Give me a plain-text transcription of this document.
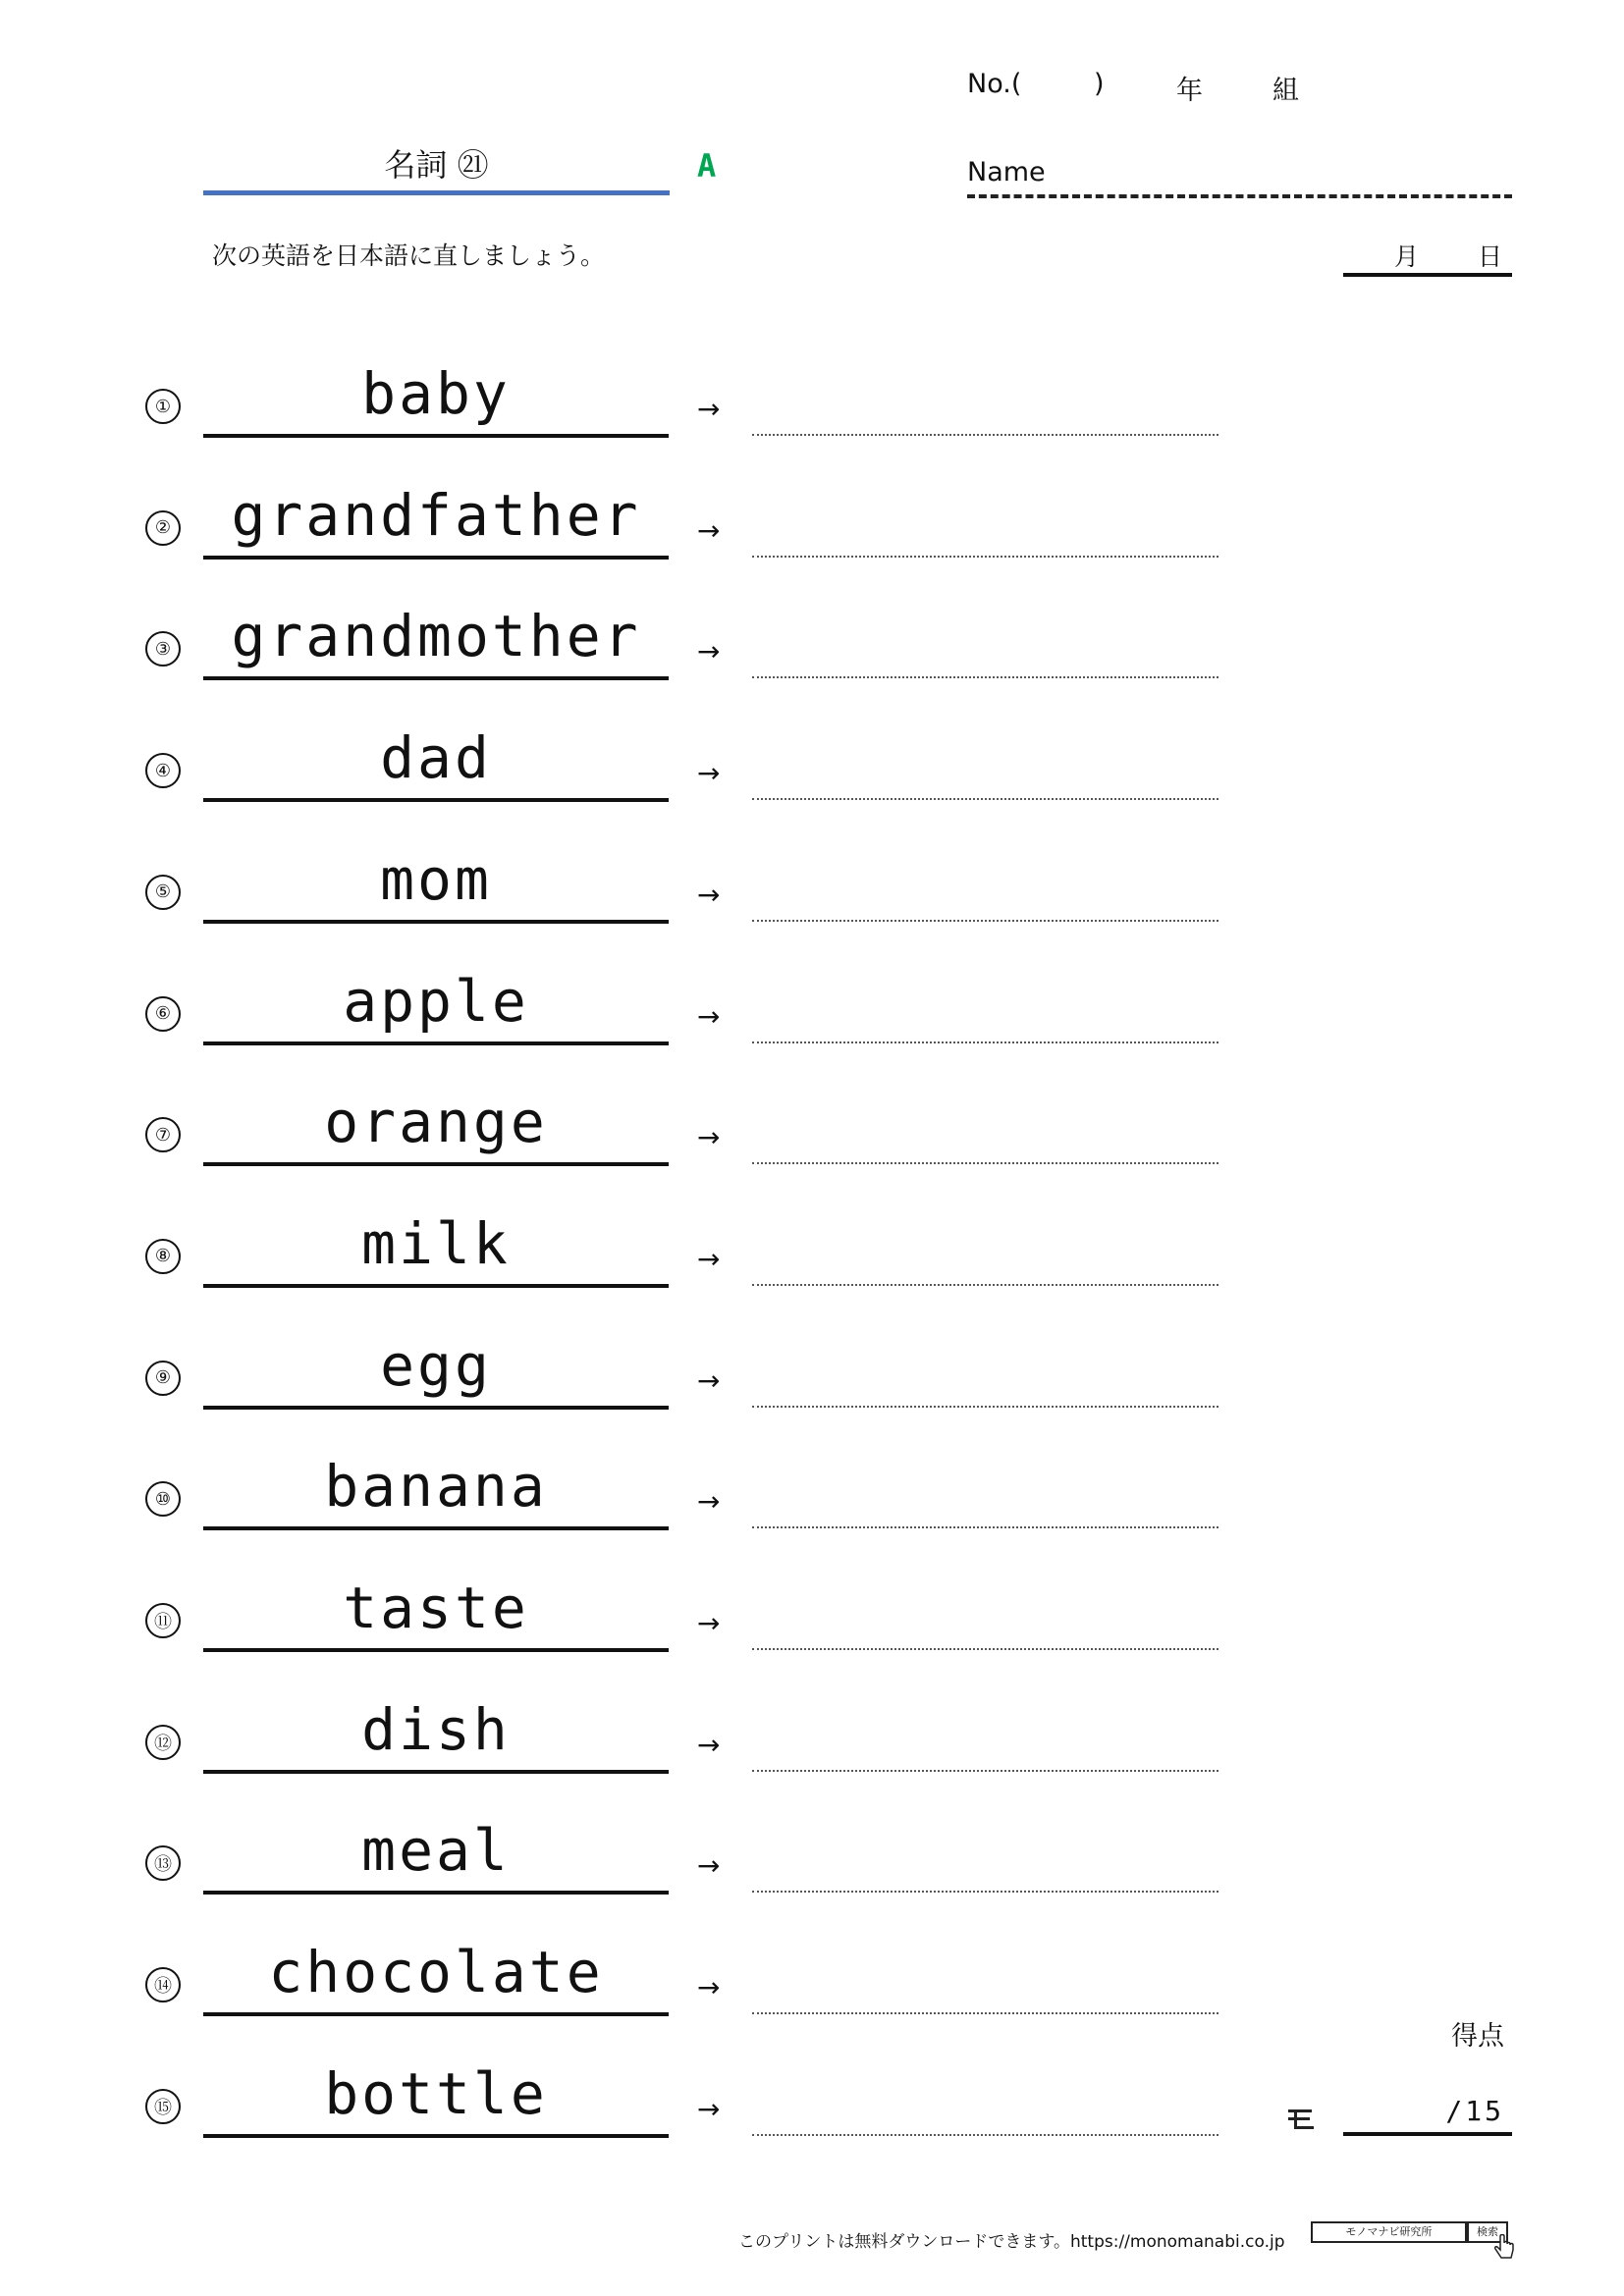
No.(	)	年	組
名詞 ㉑	A	Name
次の英語を日本語に直しましょう。	月 日
①	baby	→
②	grandfather	→
③	grandmother	→
④	dad	→
⑤	mom	→
⑥	apple	→
⑦	orange	→
⑧	milk	→
⑨	egg	→
⑩	banana	→
⑪	taste	→
⑫	dish	→
⑬	meal	→
⑭	chocolate	→
⑮	bottle	→
得点
/15
このプリントは無料ダウンロードできます。https://monomanabi.co.jp
モノマナビ研究所	検索
